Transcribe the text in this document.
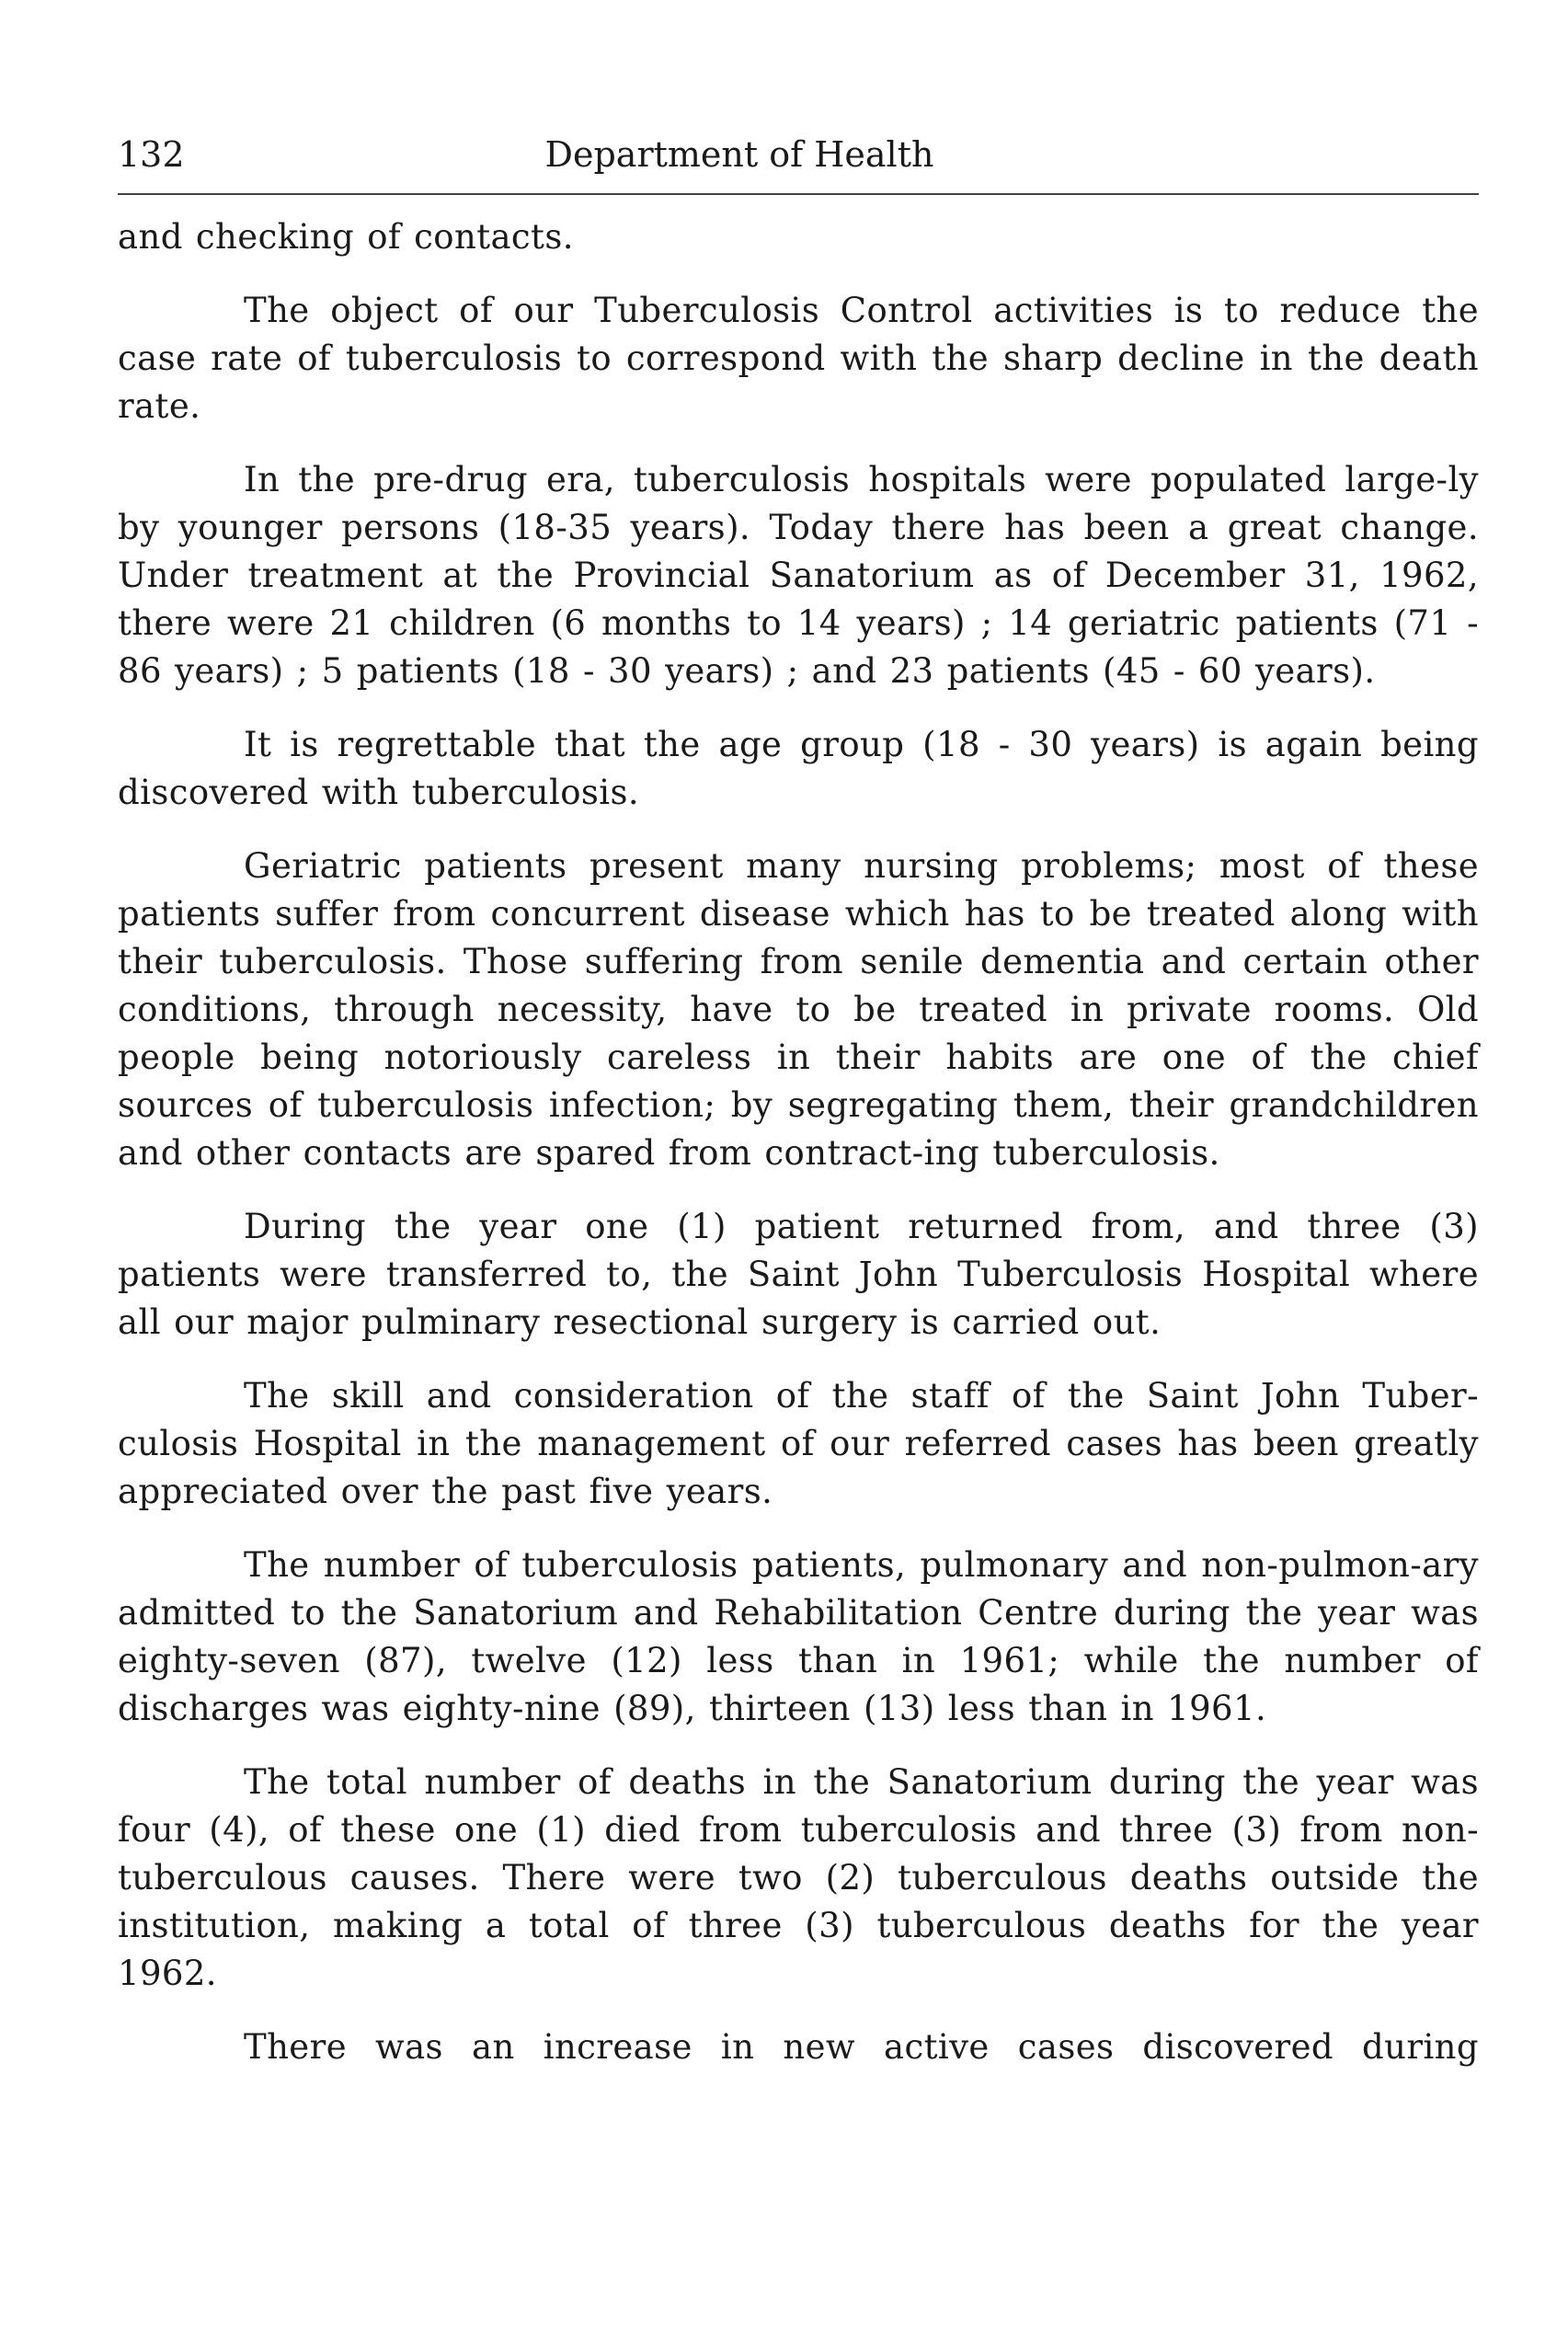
132	Department of Health

and checking of contacts.

The object of our Tuberculosis Control activities is to reduce the case rate of tuberculosis to correspond with the sharp decline in the death rate.

In the pre-drug era, tuberculosis hospitals were populated large-ly by younger persons (18-35 years). Today there has been a great change. Under treatment at the Provincial Sanatorium as of December 31, 1962, there were 21 children (6 months to 14 years) ; 14 geriatric patients (71 - 86 years) ; 5 patients (18 - 30 years) ; and 23 patients (45 - 60 years).

It is regrettable that the age group (18 - 30 years) is again being discovered with tuberculosis.

Geriatric patients present many nursing problems; most of these patients suffer from concurrent disease which has to be treated along with their tuberculosis. Those suffering from senile dementia and certain other conditions, through necessity, have to be treated in private rooms. Old people being notoriously careless in their habits are one of the chief sources of tuberculosis infection; by segregating them, their grandchildren and other contacts are spared from contract-ing tuberculosis.

During the year one (1) patient returned from, and three (3) patients were transferred to, the Saint John Tuberculosis Hospital where all our major pulminary resectional surgery is carried out.

The skill and consideration of the staff of the Saint John Tuber-culosis Hospital in the management of our referred cases has been greatly appreciated over the past five years.

The number of tuberculosis patients, pulmonary and non-pulmon-ary admitted to the Sanatorium and Rehabilitation Centre during the year was eighty-seven (87), twelve (12) less than in 1961; while the number of discharges was eighty-nine (89), thirteen (13) less than in 1961.

The total number of deaths in the Sanatorium during the year was four (4), of these one (1) died from tuberculosis and three (3) from non-tuberculous causes. There were two (2) tuberculous deaths outside the institution, making a total of three (3) tuberculous deaths for the year 1962.

There was an increase in new active cases discovered during
